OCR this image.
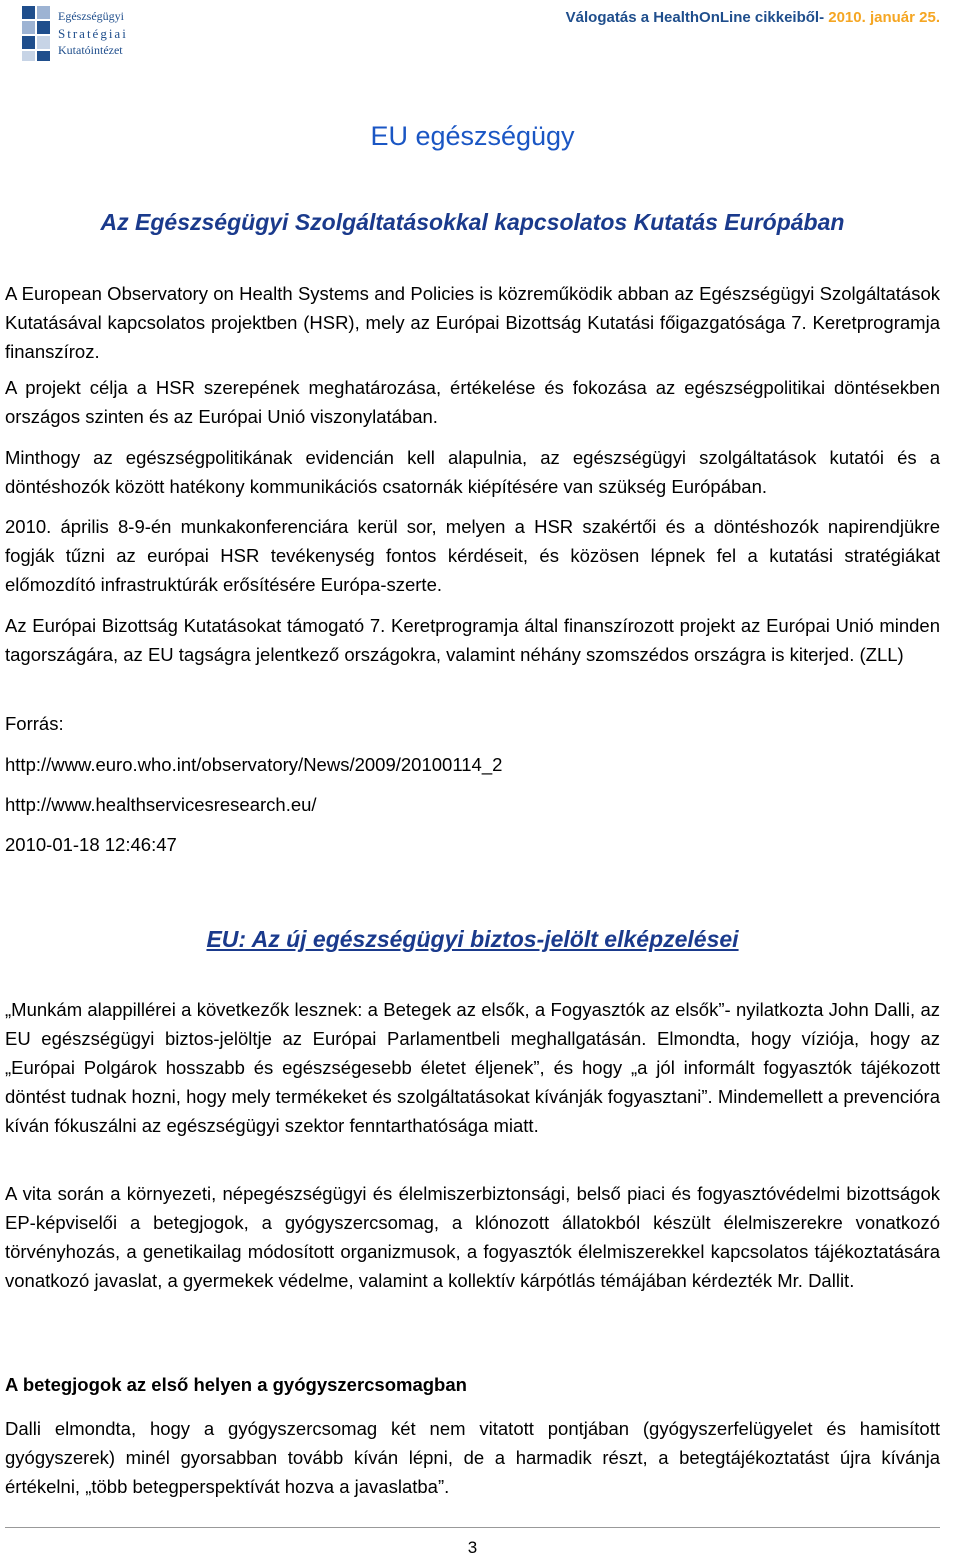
Egészségügyi
Stratégiai
Kutatóintézet
Válogatás a HealthOnLine cikkeiből- 2010. január 25.
EU egészségügy
Az Egészségügyi Szolgáltatásokkal kapcsolatos Kutatás Európában
A European Observatory on Health Systems and Policies is közreműködik abban az Egészségügyi Szolgáltatások Kutatásával kapcsolatos projektben (HSR), mely az Európai Bizottság Kutatási főigazgatósága 7. Keretprogramja finanszíroz.
A projekt célja a HSR szerepének meghatározása, értékelése és fokozása az egészségpolitikai döntésekben országos szinten és az Európai Unió viszonylatában.
Minthogy az egészségpolitikának evidencián kell alapulnia, az egészségügyi szolgáltatások kutatói és a döntéshozók között hatékony kommunikációs csatornák kiépítésére van szükség Európában.
2010. április 8-9-én munkakonferenciára kerül sor, melyen a HSR szakértői és a döntéshozók napirendjükre fogják tűzni az európai HSR tevékenység fontos kérdéseit, és közösen lépnek fel a kutatási stratégiákat előmozdító infrastruktúrák erősítésére Európa-szerte.
Az Európai Bizottság Kutatásokat támogató 7. Keretprogramja által finanszírozott projekt az Európai Unió minden tagországára, az EU tagságra jelentkező országokra, valamint néhány szomszédos országra is kiterjed. (ZLL)
Forrás:
http://www.euro.who.int/observatory/News/2009/20100114_2
http://www.healthservicesresearch.eu/
2010-01-18 12:46:47
EU: Az új egészségügyi biztos-jelölt elképzelései
„Munkám alappillérei a következők lesznek: a Betegek az elsők, a Fogyasztók az elsők”- nyilatkozta John Dalli, az EU egészségügyi biztos-jelöltje az Európai Parlamentbeli meghallgatásán. Elmondta, hogy víziója, hogy az „Európai Polgárok hosszabb és egészségesebb életet éljenek”, és hogy „a jól informált fogyasztók tájékozott döntést tudnak hozni, hogy mely termékeket és szolgáltatásokat kívánják fogyasztani”. Mindemellett a prevencióra kíván fókuszálni az egészségügyi szektor fenntarthatósága miatt.
A vita során a környezeti, népegészségügyi és élelmiszerbiztonsági, belső piaci és fogyasztóvédelmi bizottságok EP-képviselői a betegjogok, a gyógyszercsomag, a klónozott állatokból készült élelmiszerekre vonatkozó törvényhozás, a genetikailag módosított organizmusok, a fogyasztók élelmiszerekkel kapcsolatos tájékoztatására vonatkozó javaslat, a gyermekek védelme, valamint a kollektív kárpótlás témájában kérdezték Mr. Dallit.
A betegjogok az első helyen a gyógyszercsomagban
Dalli elmondta, hogy a gyógyszercsomag két nem vitatott pontjában (gyógyszerfelügyelet és hamisított gyógyszerek) minél gyorsabban tovább kíván lépni, de a harmadik részt, a betegtájékoztatást újra kívánja értékelni, „több betegperspektívát hozva a javaslatba”.
3
